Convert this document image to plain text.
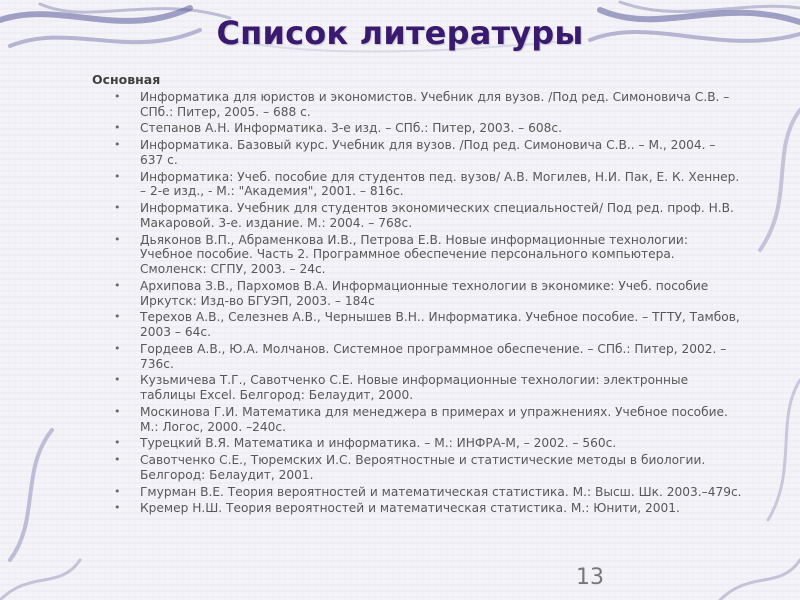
Список литературы
Основная
• Информатика для юристов и экономистов. Учебник для вузов. /Под ред. Симоновича С.В. – СПб.: Питер, 2005. – 688 с.
• Степанов А.Н. Информатика. 3-е изд. – СПб.: Питер, 2003. – 608с.
• Информатика. Базовый курс. Учебник для вузов. /Под ред. Симоновича С.В.. – М., 2004. – 637 с.
• Информатика: Учеб. пособие для студентов пед. вузов/ А.В. Могилев, Н.И. Пак, Е. К. Хеннер. – 2-е изд., - М.: "Академия", 2001. – 816с.
• Информатика. Учебник для студентов экономических специальностей/ Под ред. проф. Н.В. Макаровой. 3-е. издание. М.: 2004. – 768с.
• Дьяконов В.П., Абраменкова И.В., Петрова Е.В. Новые информационные технологии: Учебное пособие. Часть 2. Программное обеспечение персонального компьютера. Смоленск: СГПУ, 2003. – 24с.
• Архипова З.В., Пархомов В.А. Информационные технологии в экономике: Учеб. пособие Иркутск: Изд-во БГУЭП, 2003. – 184с
• Терехов А.В., Селезнев А.В., Чернышев В.Н.. Информатика. Учебное пособие. – ТГТУ, Тамбов, 2003 – 64с.
• Гордеев А.В., Ю.А. Молчанов. Системное программное обеспечение. – СПб.: Питер, 2002. – 736с.
• Кузьмичева Т.Г., Савотченко С.Е. Новые информационные технологии: электронные таблицы Excel. Белгород: Белаудит, 2000.
• Москинова Г.И. Математика для менеджера в примерах и упражнениях. Учебное пособие. М.: Логос, 2000. –240с.
• Турецкий В.Я. Математика и информатика. – М.: ИНФРА-М, – 2002. – 560с.
• Савотченко С.Е., Тюремских И.С. Вероятностные и статистические методы в биологии. Белгород: Белаудит, 2001.
• Гмурман В.Е. Теория вероятностей и математическая статистика. М.: Высш. Шк. 2003.–479с.
• Кремер Н.Ш. Теория вероятностей и математическая статистика. М.: Юнити, 2001.
13
